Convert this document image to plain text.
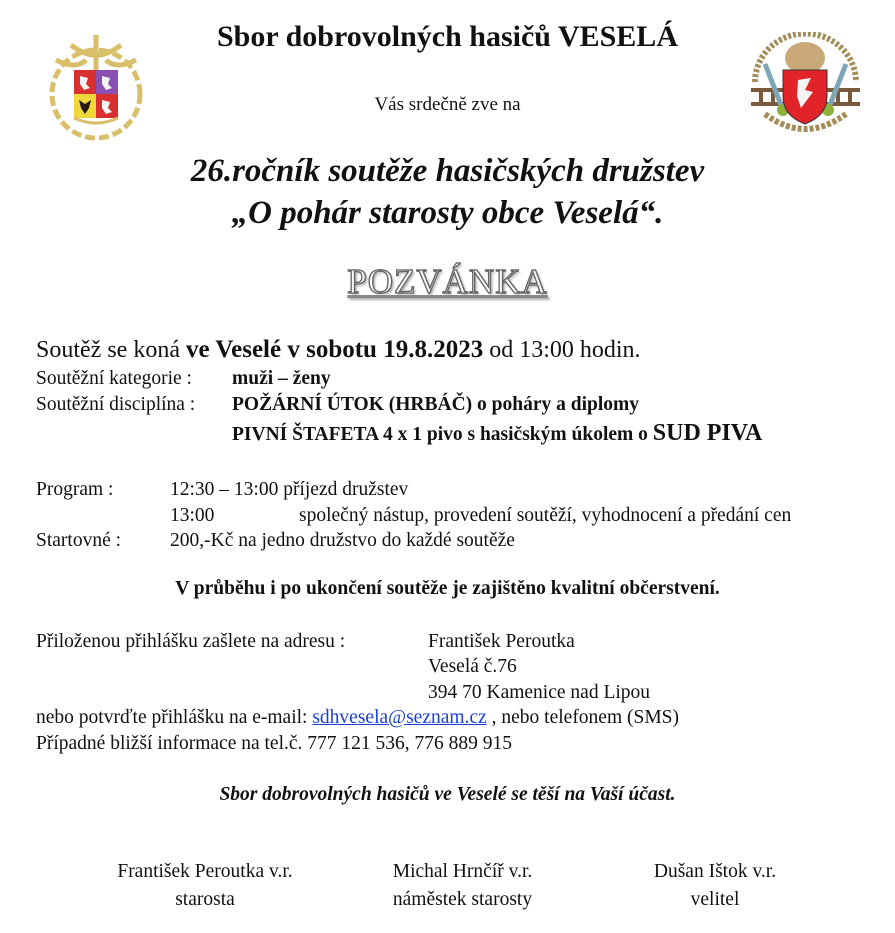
Sbor dobrovolných hasičů VESELÁ
Vás srdečně zve na
26.ročník soutěže hasičských družstev
„O pohár starosty obce Veselá“.
POZVÁNKA
Soutěž se koná ve Veselé v sobotu 19.8.2023 od 13:00 hodin.
Soutěžní kategorie : muži – ženy
Soutěžní disciplína : POŽÁRNÍ ÚTOK (HRBÁČ) o poháry a diplomy
PIVNÍ ŠTAFETA 4 x 1 pivo s hasičským úkolem o SUD PIVA
Program :	12:30 – 13:00 příjezd družstev
13:00	společný nástup, provedení soutěží, vyhodnocení a předání cen
Startovné :	200,-Kč na jedno družstvo do každé soutěže
V průběhu i po ukončení soutěže je zajištěno kvalitní občerstvení.
Přiloženou přihlášku zašlete na adresu :	František Peroutka
Veselá č.76
394 70 Kamenice nad Lipou
nebo potvrďte přihlášku na e-mail: sdhvesela@seznam.cz , nebo telefonem (SMS)
Případné bližší informace na tel.č. 777 121 536, 776 889 915
Sbor dobrovolných hasičů ve Veselé se těší na Vaší účast.
František Peroutka v.r.
starosta
Michal Hrnčíř v.r.
náměstek starosty
Dušan Ištok v.r.
velitel
